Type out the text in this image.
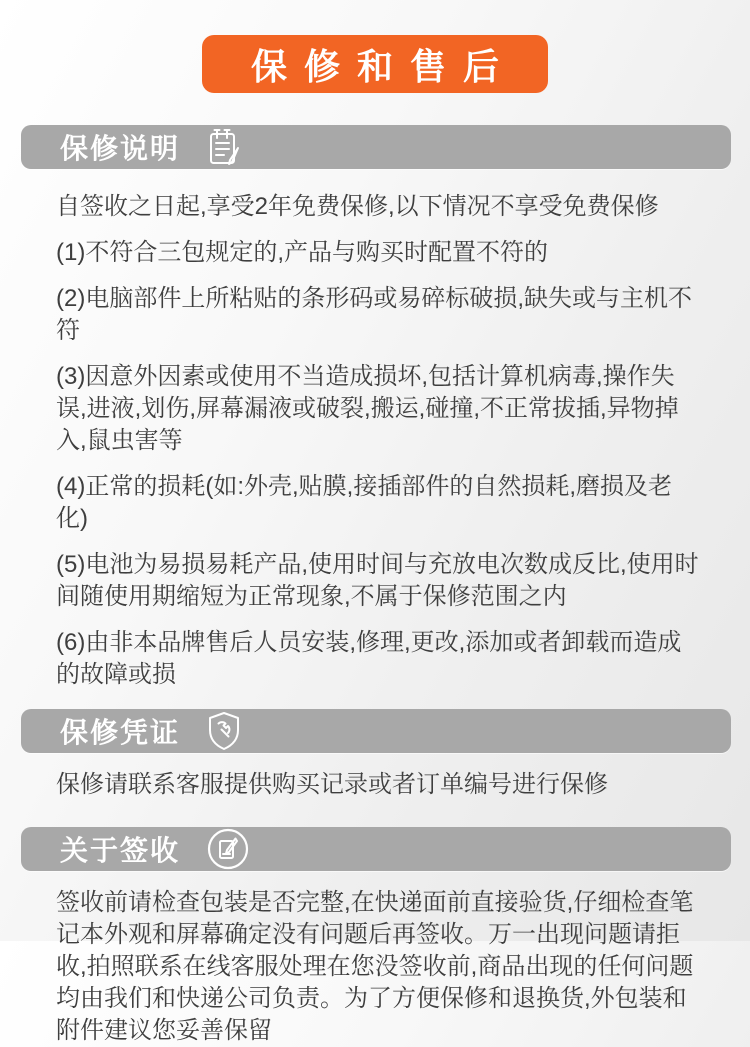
保修和售后
保修说明

自签收之日起,享受2年免费保修,以下情况不享受免费保修

(1)不符合三包规定的,产品与购买时配置不符的

(2)电脑部件上所粘贴的条形码或易碎标破损,缺失或与主机不符

(3)因意外因素或使用不当造成损坏,包括计算机病毒,操作失误,进液,划伤,屏幕漏液或破裂,搬运,碰撞,不正常拔插,异物掉入,鼠虫害等

(4)正常的损耗(如:外壳,贴膜,接插部件的自然损耗,磨损及老化)

(5)电池为易损易耗产品,使用时间与充放电次数成反比,使用时间随使用期缩短为正常现象,不属于保修范围之内

(6)由非本品牌售后人员安装,修理,更改,添加或者卸载而造成的故障或损

保修凭证

保修请联系客服提供购买记录或者订单编号进行保修

关于签收

签收前请检查包装是否完整,在快递面前直接验货,仔细检查笔记本外观和屏幕确定没有问题后再签收。万一出现问题请拒收,拍照联系在线客服处理在您没签收前,商品出现的任何问题均由我们和快递公司负责。为了方便保修和退换货,外包装和附件建议您妥善保留
